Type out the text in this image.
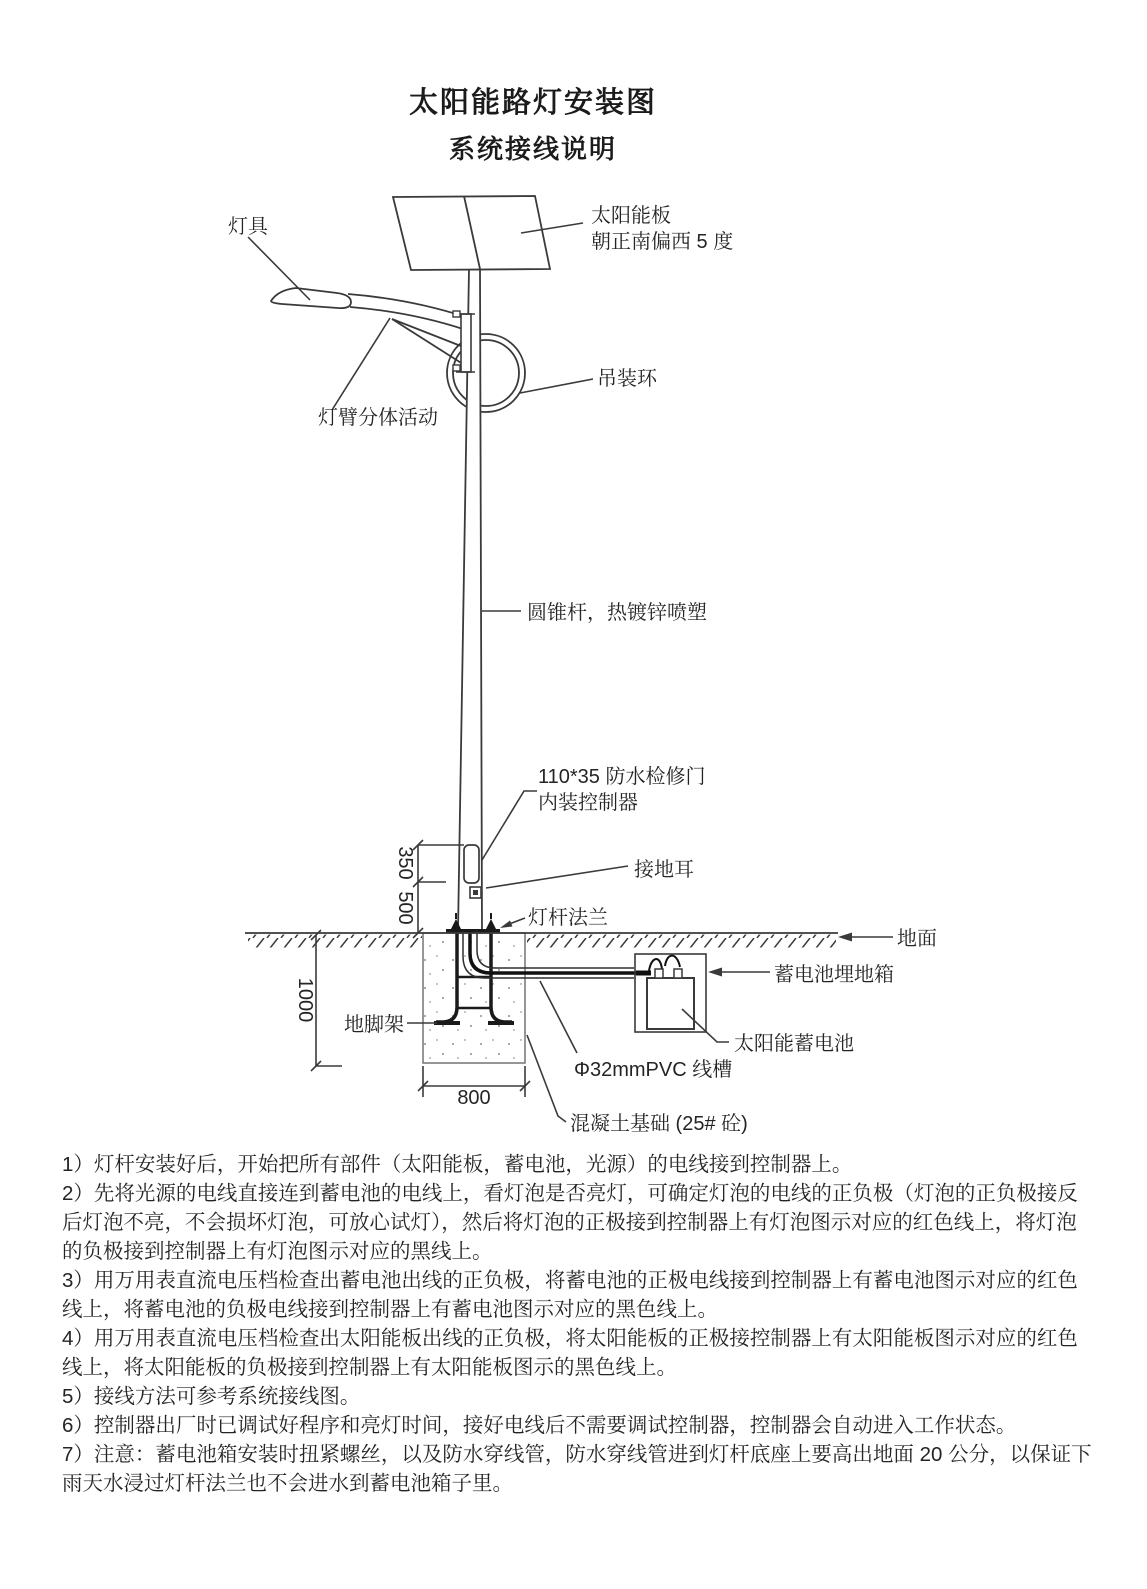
太阳能路灯安装图
系统接线说明
350
500
1000
800
灯具	太阳能板
朝正南偏西 5 度
吊装环
灯臂分体活动
圆锥杆，热镀锌喷塑
110*35 防水检修门
内装控制器
接地耳
灯杆法兰
地面
蓄电池埋地箱
太阳能蓄电池
地脚架
Φ32mmPVC 线槽
混凝土基础 (25# 砼)
1）灯杆安装好后，开始把所有部件（太阳能板，蓄电池，光源）的电线接到控制器上。
2）先将光源的电线直接连到蓄电池的电线上，看灯泡是否亮灯，可确定灯泡的电线的正负极（灯泡的正负极接反后灯泡不亮，不会损坏灯泡，可放心试灯），然后将灯泡的正极接到控制器上有灯泡图示对应的红色线上，将灯泡的负极接到控制器上有灯泡图示对应的黑线上。
3）用万用表直流电压档检查出蓄电池出线的正负极，将蓄电池的正极电线接到控制器上有蓄电池图示对应的红色线上，将蓄电池的负极电线接到控制器上有蓄电池图示对应的黑色线上。
4）用万用表直流电压档检查出太阳能板出线的正负极，将太阳能板的正极接控制器上有太阳能板图示对应的红色线上，将太阳能板的负极接到控制器上有太阳能板图示的黑色线上。
5）接线方法可参考系统接线图。
6）控制器出厂时已调试好程序和亮灯时间，接好电线后不需要调试控制器，控制器会自动进入工作状态。
7）注意：蓄电池箱安装时扭紧螺丝，以及防水穿线管，防水穿线管进到灯杆底座上要高出地面 20 公分，以保证下雨天水浸过灯杆法兰也不会进水到蓄电池箱子里。
